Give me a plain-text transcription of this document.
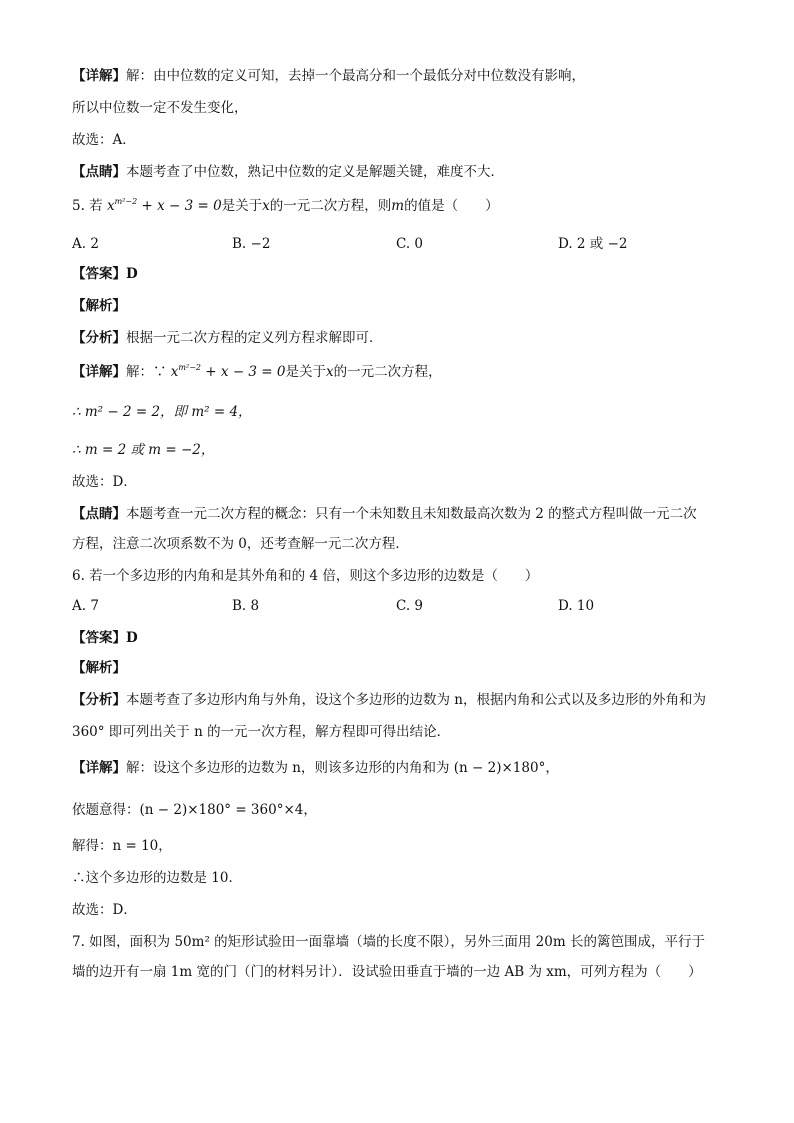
【详解】解：由中位数的定义可知，去掉一个最高分和一个最低分对中位数没有影响，
所以中位数一定不发生变化，
故选：A．
【点睛】本题考查了中位数，熟记中位数的定义是解题关键，难度不大．
5. 若 $x^{m^2-2} + x - 3 = 0$是关于x的一元二次方程，则m的值是（　　）
A. 2	B. −2	C. 0	D. 2 或 −2
【答案】D
【解析】
【分析】根据一元二次方程的定义列方程求解即可．
【详解】解：∵ $x^{m^2-2} + x - 3 = 0$是关于x的一元二次方程，
∴ m² − 2 = 2，即 m² = 4，
∴ m = 2 或 m = −2，
故选：D．
【点睛】本题考查一元二次方程的概念：只有一个未知数且未知数最高次数为 2 的整式方程叫做一元二次
方程，注意二次项系数不为 0，还考查解一元二次方程．
6. 若一个多边形的内角和是其外角和的 4 倍，则这个多边形的边数是（　　）
A. 7	B. 8	C. 9	D. 10
【答案】D
【解析】
【分析】本题考查了多边形内角与外角，设这个多边形的边数为 n，根据内角和公式以及多边形的外角和为
360° 即可列出关于 n 的一元一次方程，解方程即可得出结论．
【详解】解：设这个多边形的边数为 n，则该多边形的内角和为 (n − 2)×180°，
依题意得：(n − 2)×180° = 360°×4，
解得：n = 10，
∴这个多边形的边数是 10．
故选：D．
7. 如图，面积为 50m² 的矩形试验田一面靠墙（墙的长度不限），另外三面用 20m 长的篱笆围成，平行于
墙的边开有一扇 1m 宽的门（门的材料另计）．设试验田垂直于墙的一边 AB 为 xm，可列方程为（　　）
